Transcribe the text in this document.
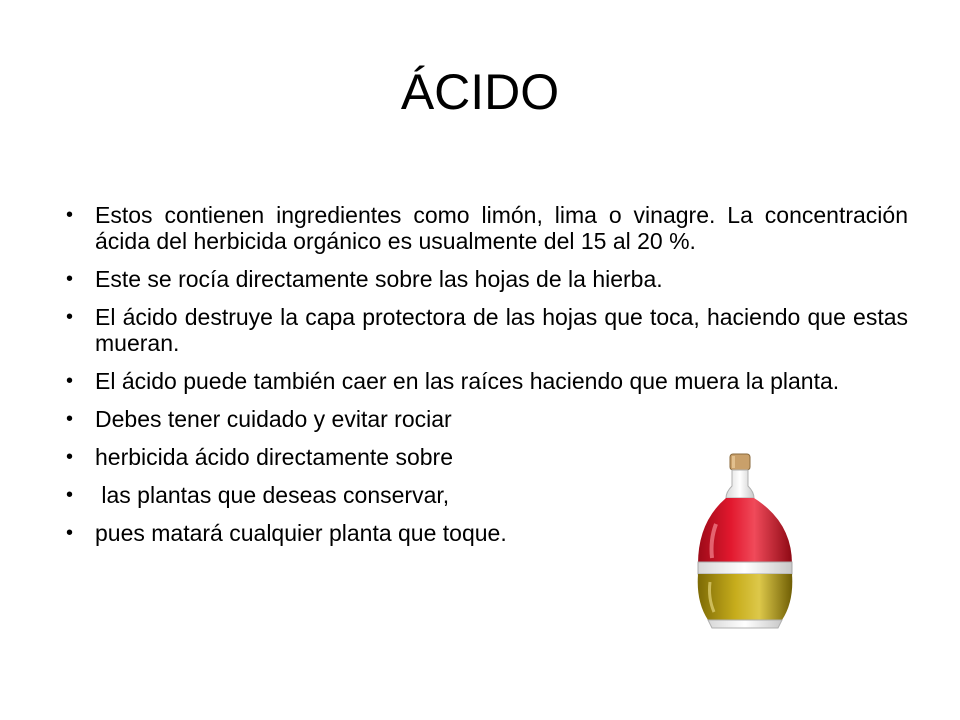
ÁCIDO
• Estos contienen ingredientes como limón, lima o vinagre. La concentración ácida del herbicida orgánico es usualmente del 15 al 20 %.
• Este se rocía directamente sobre las hojas de la hierba.
• El ácido destruye la capa protectora de las hojas que toca, haciendo que estas mueran.
• El ácido puede también caer en las raíces haciendo que muera la planta.
• Debes tener cuidado y evitar rociar
• herbicida ácido directamente sobre
• las plantas que deseas conservar,
• pues matará cualquier planta que toque.
